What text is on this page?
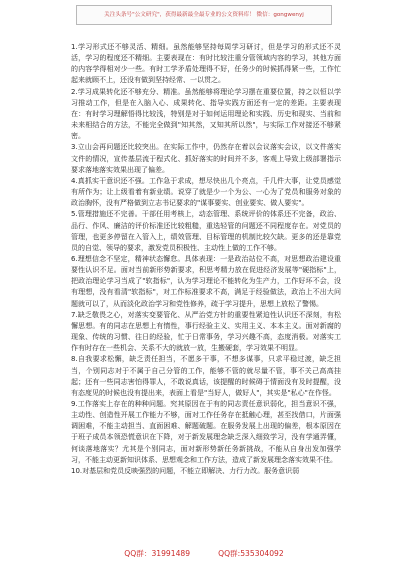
关注头条号"公文研究"，获得最新最全最专业的公文资料库！ 微信：gongwenyj

1.学习形式还不够灵活、精细。虽然能够坚持每周学习研讨，但是学习的形式还不灵活，学习的程度还不精细。主要表现在：有时比较注重分管领域内容的学习，其他方面的内容学得相对少一些。有时工学矛盾处理得不好，任务少的时候抓得紧一些，工作忙起来就顾不上，还没有做到坚持经常、一以贯之。

2.学习成果转化还不够充分、精准。虽然能够将理论学习摆在重要位置，持之以恒以学习推动工作，但是在入脑入心、成果转化、指导实践方面还有一定的差距。主要表现在：有时学习理解悟得比较浅，特别是对于如何运用理论和实践、历史和现实、当前和未来相结合的方法，不能完全做到"知其然，又知其所以然"，与实际工作对接还不够紧密。

3.立山会再问题还比较突出。在实际工作中，仍然存在着以会议落实会议，以文件落实文件的情况，宣传基层流于程式化、抓好落实的时间并不多，客观上导致上级部署指示要求落地落实效果出现了偏差。

4.真抓实干意识还不强。工作急于求成，想尽快出几个亮点，千几件大事，让党员感觉有所作为；让上级看着有新业绩。说穿了就是少一个为公、一心为了党员和服务对象的政治胸怀，没有严格做到立志书记要求的"谋事要实、创业要实、做人要实"。

5.管理措施还不完善。干部任用考核上，动态管理、系统评价的体系还不完备，政治、品行、作风、廉洁的评价标准还比较粗糙，重选轻管的问题还不同程度存在。对党员的管理，也更多停留在入管入上，绩效管理、目标管理的机制比较欠缺。更多的还是靠党员的自觉、领导的要求，激发党员积极性、主动性上做的工作不够。

6.理想信念不坚定，精神状态懈怠。具体表现：一是政治站位不高，对思想政治建设重要性认识不足。面对当前新形势新要求，积思考精力放在促进经济发展等"硬指标"上，把政治理论学习当成了"软指标"，认为学习理论不能转化为生产力，工作好坏不会，没有理想，没有看清"软指标"，对工作标准要求不高，满足于经验做法，政治上不出大问题就可以了，从而淡化政治学习和党性修养，疏于学习提升，思想上放松了警惕。

7.缺乏敬畏之心，对落实变要管化、从严治党方针的重要性紧迫性认识还不深刻，有松懈思想。有的同志在思想上有惰性，事行经验主义、实用主义、本本主义。面对新腐的现象、传统的习惯、往日的经验，忙于日常事务，学习兴趣不高，态度消极。对落实工作有时存在一些机会、关系不大的就放一放，生搬硬套，学习效果不明显。

8.自我要求松懈，缺乏责任担当，不愿多干事，不想多谋事，只求平稳过渡，缺乏担当，个别同志对于不属于自己分管的工作，能够不管的就尽量不管，事不关己高高挂起；还有一些同志害怕得罪人，不敢说真话，该提醒的时候碍于情面没有及时提醒，没有态度见的时候也没有提出来，表面上看是"当好人，做好人"，其实是"私心"在作怪。

9.工作落实上存在的种种问题。究其原因在于有的同志责任意识弱化，担当意识不强，主动性、创造性开展工作能力不够，面对工作任务存在抵触心理，甚至找借口，片面强调困难，不能主动担当、直面困难、解题破题。在服务发展上出现的偏差，根本原因在于班子成员本领恐慌意识在下降，对于新发展理念缺乏深入细致学习，没有学通弄懂，何谈落地落实？尤其是个别同志，面对新形势新任务新挑战，不能从自身出发加强学习，不能主动更新知识体系、思想观念和工作方法，造成了新发展理念落实效果不佳。

10.对基层和党员反映强烈的问题，不能立即解决、力行力改。服务意识弱

QQ群：31991489	QQ群:535304092
